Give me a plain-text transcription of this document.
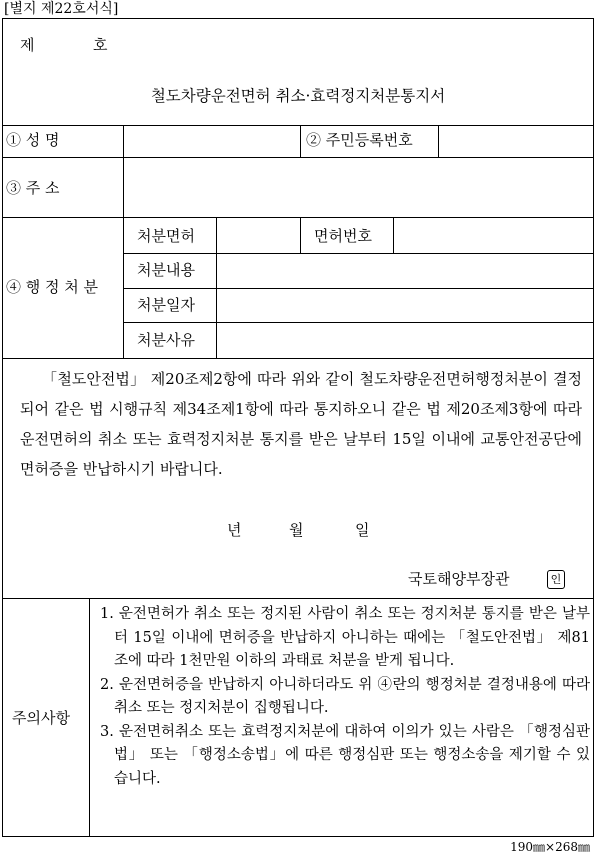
[별지 제22호서식]
제	호
철도차량운전면허 취소·효력정지처분통지서
① 성 명	② 주민등록번호
③ 주 소
④ 행 정 처 분
처분면허	면허번호
처분내용
처분일자
처분사유
「철도안전법」 제20조제2항에 따라 위와 같이 철도차량운전면허행정처분이 결정되어 같은 법 시행규칙 제34조제1항에 따라 통지하오니 같은 법 제20조제3항에 따라 운전면허의 취소 또는 효력정지처분 통지를 받은 날부터 15일 이내에 교통안전공단에 면허증을 반납하시기 바랍니다.
년	월	일
국토해양부장관	인
주의사항

1. 운전면허가 취소 또는 정지된 사람이 취소 또는 정지처분 통지를 받은 날부터 15일 이내에 면허증을 반납하지 아니하는 때에는 「철도안전법」 제81조에 따라 1천만원 이하의 과태료 처분을 받게 됩니다.

2. 운전면허증을 반납하지 아니하더라도 위 ④란의 행정처분 결정내용에 따라 취소 또는 정지처분이 집행됩니다.

3. 운전면허취소 또는 효력정지처분에 대하여 이의가 있는 사람은 「행정심판법」 또는 「행정소송법」에 따른 행정심판 또는 행정소송을 제기할 수 있습니다.

190㎜×268㎜
